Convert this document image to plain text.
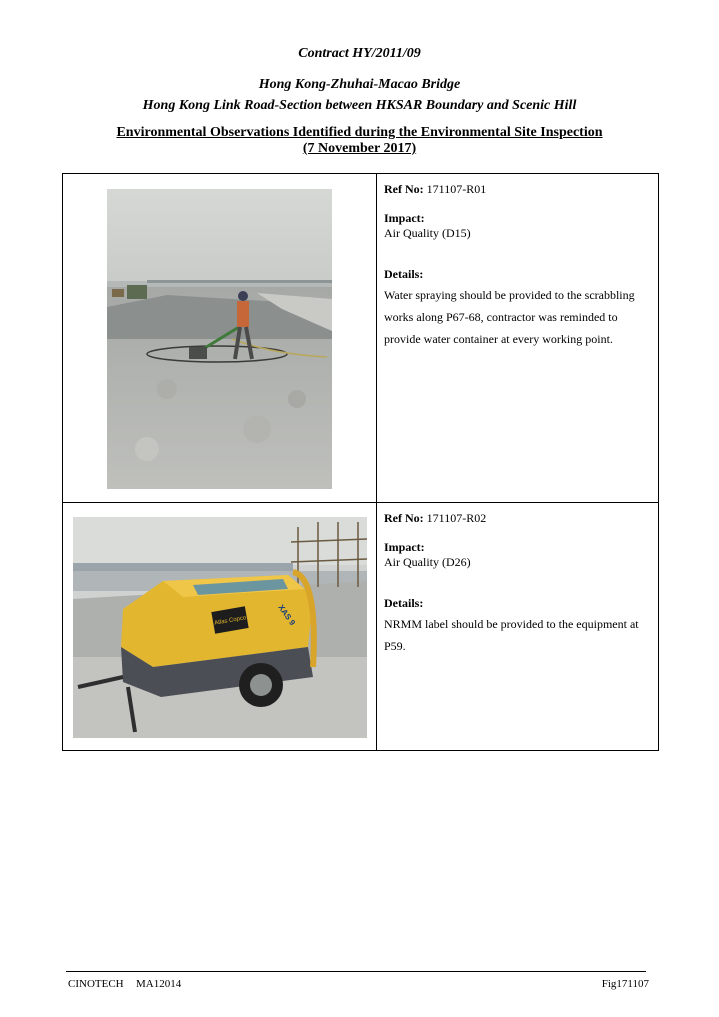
Contract HY/2011/09
Hong Kong-Zhuhai-Macao Bridge
Hong Kong Link Road-Section between HKSAR Boundary and Scenic Hill
Environmental Observations Identified during the Environmental Site Inspection
(7 November 2017)
Ref No: 171107-R01
Impact:
Air Quality (D15)
Details:
Water spraying should be provided to the scrabbling works along P67-68, contractor was reminded to provide water container at every working point.
Atlas Copco	XAS 9
Ref No: 171107-R02
Impact:
Air Quality (D26)
Details:
NRMM label should be provided to the equipment at P59.
CINOTECH MA12014	Fig171107
